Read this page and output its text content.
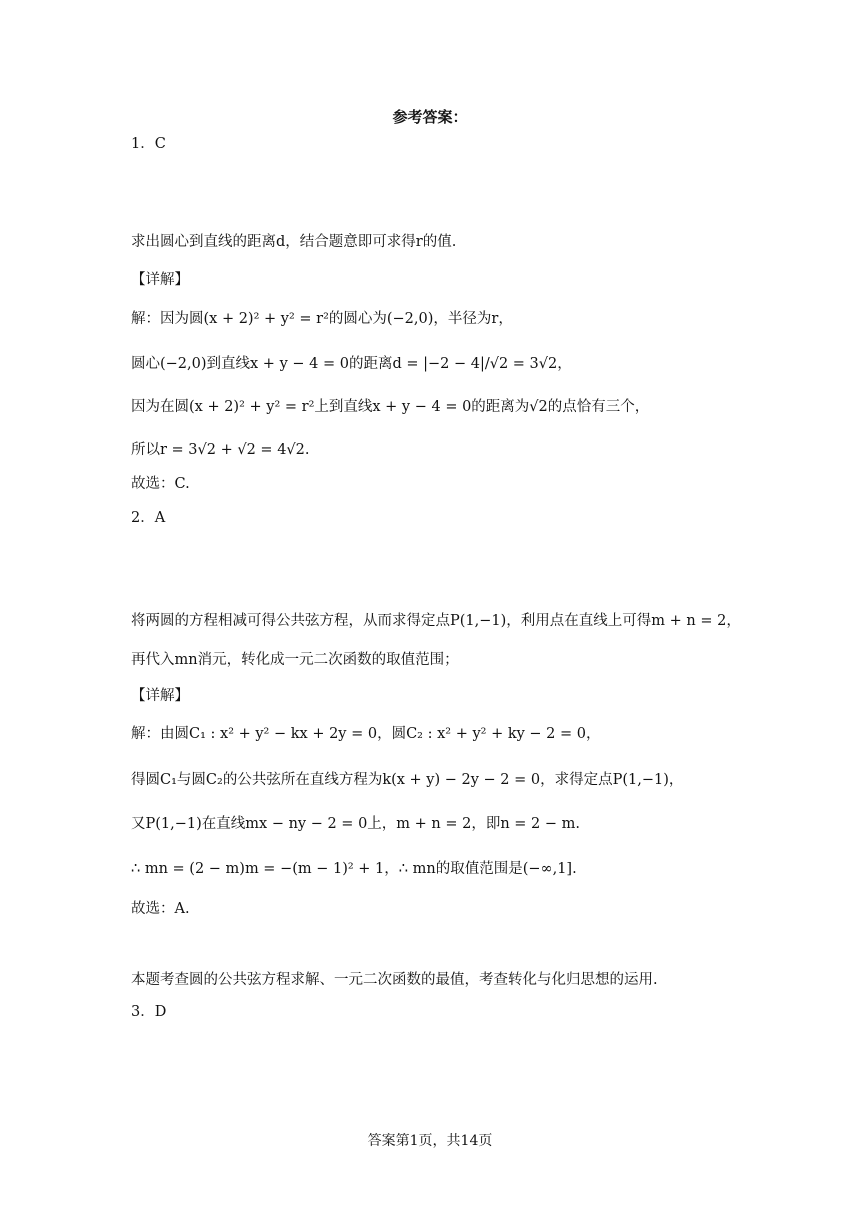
参考答案：
1．C
求出圆心到直线的距离d，结合题意即可求得r的值.
【详解】
解：因为圆(x + 2)² + y² = r²的圆心为(−2,0)，半径为r，
圆心(−2,0)到直线x + y − 4 = 0的距离d = |−2 − 4|/√2 = 3√2，
因为在圆(x + 2)² + y² = r²上到直线x + y − 4 = 0的距离为√2的点恰有三个，
所以r = 3√2 + √2 = 4√2.
故选：C.
2．A
将两圆的方程相减可得公共弦方程，从而求得定点P(1,−1)，利用点在直线上可得m + n = 2，
再代入mn消元，转化成一元二次函数的取值范围；
【详解】
解：由圆C₁ : x² + y² − kx + 2y = 0，圆C₂ : x² + y² + ky − 2 = 0，
得圆C₁与圆C₂的公共弦所在直线方程为k(x + y) − 2y − 2 = 0，求得定点P(1,−1)，
又P(1,−1)在直线mx − ny − 2 = 0上，m + n = 2，即n = 2 − m.
∴ mn = (2 − m)m = −(m − 1)² + 1，∴ mn的取值范围是(−∞,1].
故选：A.
本题考查圆的公共弦方程求解、一元二次函数的最值，考查转化与化归思想的运用.
3．D
答案第1页，共14页
